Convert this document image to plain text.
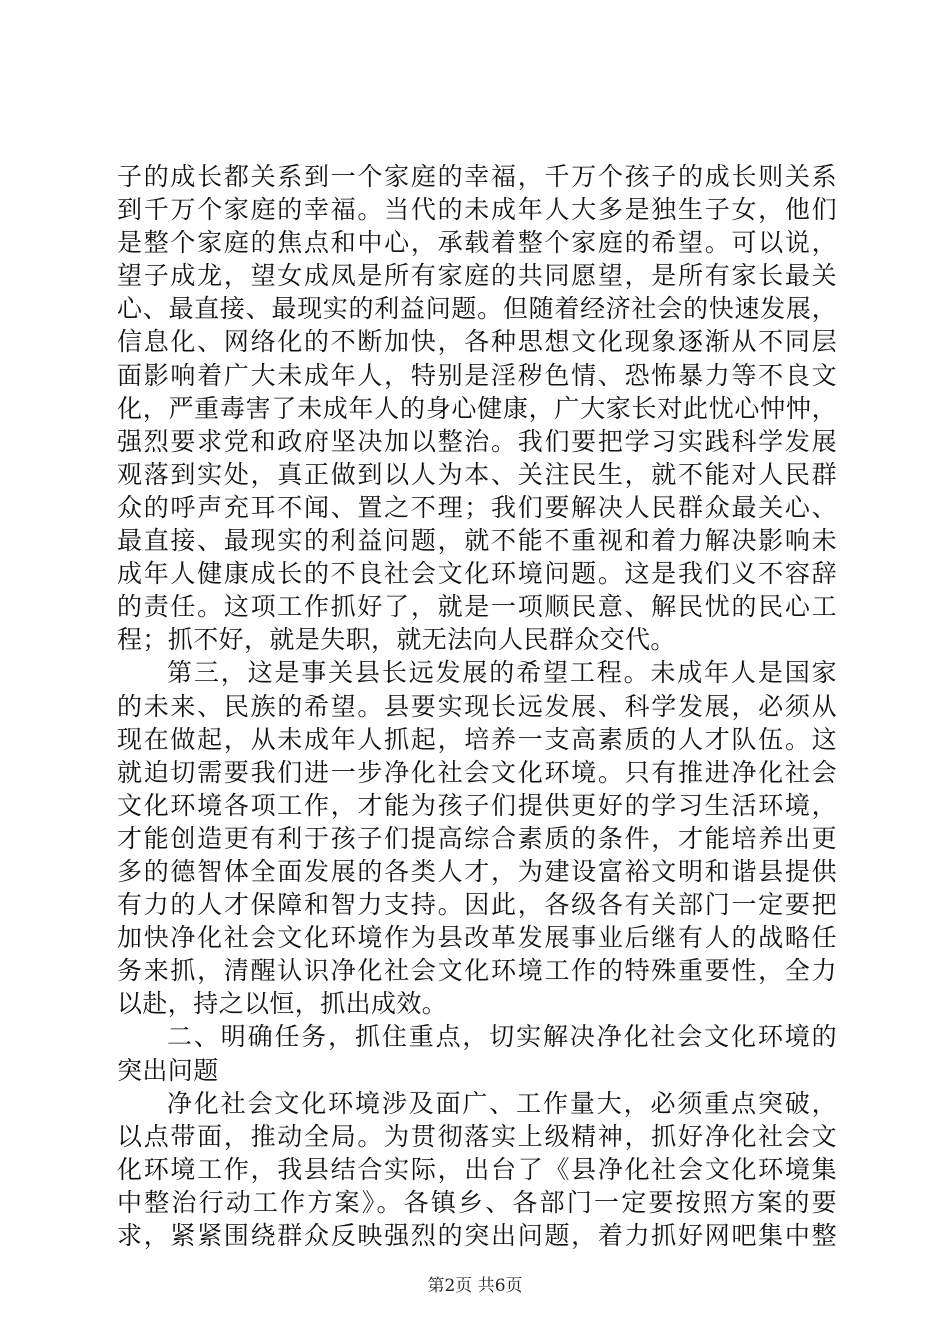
子的成长都关系到一个家庭的幸福，千万个孩子的成长则关系
到千万个家庭的幸福。当代的未成年人大多是独生子女，他们
是整个家庭的焦点和中心，承载着整个家庭的希望。可以说，
望子成龙，望女成凤是所有家庭的共同愿望，是所有家长最关
心、最直接、最现实的利益问题。但随着经济社会的快速发展，
信息化、网络化的不断加快，各种思想文化现象逐渐从不同层
面影响着广大未成年人，特别是淫秽色情、恐怖暴力等不良文
化，严重毒害了未成年人的身心健康，广大家长对此忧心忡忡，
强烈要求党和政府坚决加以整治。我们要把学习实践科学发展
观落到实处，真正做到以人为本、关注民生，就不能对人民群
众的呼声充耳不闻、置之不理；我们要解决人民群众最关心、
最直接、最现实的利益问题，就不能不重视和着力解决影响未
成年人健康成长的不良社会文化环境问题。这是我们义不容辞
的责任。这项工作抓好了，就是一项顺民意、解民忧的民心工
程；抓不好，就是失职，就无法向人民群众交代。
第三，这是事关县长远发展的希望工程。未成年人是国家
的未来、民族的希望。县要实现长远发展、科学发展，必须从
现在做起，从未成年人抓起，培养一支高素质的人才队伍。这
就迫切需要我们进一步净化社会文化环境。只有推进净化社会
文化环境各项工作，才能为孩子们提供更好的学习生活环境，
才能创造更有利于孩子们提高综合素质的条件，才能培养出更
多的德智体全面发展的各类人才，为建设富裕文明和谐县提供
有力的人才保障和智力支持。因此，各级各有关部门一定要把
加快净化社会文化环境作为县改革发展事业后继有人的战略任
务来抓，清醒认识净化社会文化环境工作的特殊重要性，全力
以赴，持之以恒，抓出成效。
二、明确任务，抓住重点，切实解决净化社会文化环境的
突出问题
净化社会文化环境涉及面广、工作量大，必须重点突破，
以点带面，推动全局。为贯彻落实上级精神，抓好净化社会文
化环境工作，我县结合实际，出台了《县净化社会文化环境集
中整治行动工作方案》。各镇乡、各部门一定要按照方案的要
求，紧紧围绕群众反映强烈的突出问题，着力抓好网吧集中整
第2页 共6页
